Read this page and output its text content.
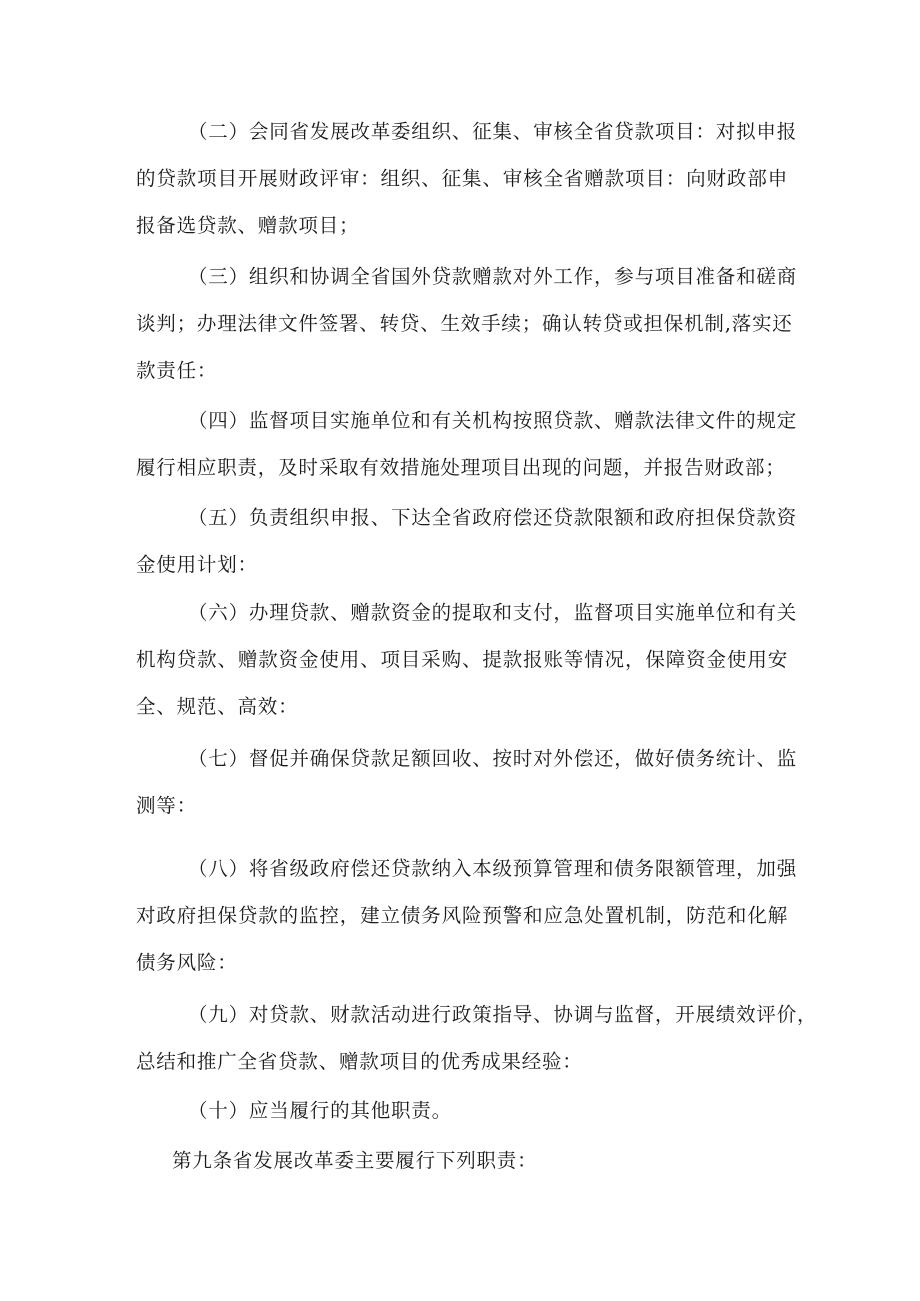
（二）会同省发展改革委组织、征集、审核全省贷款项目：对拟申报
的贷款项目开展财政评审：组织、征集、审核全省赠款项目：向财政部申
报备选贷款、赠款项目；
（三）组织和协调全省国外贷款赠款对外工作，参与项目准备和磋商
谈判；办理法律文件签署、转贷、生效手续；确认转贷或担保机制,落实还
款责任：
（四）监督项目实施单位和有关机构按照贷款、赠款法律文件的规定
履行相应职责，及时采取有效措施处理项目出现的问题，并报告财政部；
（五）负责组织申报、下达全省政府偿还贷款限额和政府担保贷款资
金使用计划：
（六）办理贷款、赠款资金的提取和支付，监督项目实施单位和有关
机构贷款、赠款资金使用、项目采购、提款报账等情况，保障资金使用安
全、规范、高效：
（七）督促并确保贷款足额回收、按时对外偿还，做好债务统计、监
测等：
（八）将省级政府偿还贷款纳入本级预算管理和债务限额管理，加强
对政府担保贷款的监控，建立债务风险预警和应急处置机制，防范和化解
债务风险：
（九）对贷款、财款活动进行政策指导、协调与监督，开展绩效评价，
总结和推广全省贷款、赠款项目的优秀成果经验：
（十）应当履行的其他职责。
第九条省发展改革委主要履行下列职责：
